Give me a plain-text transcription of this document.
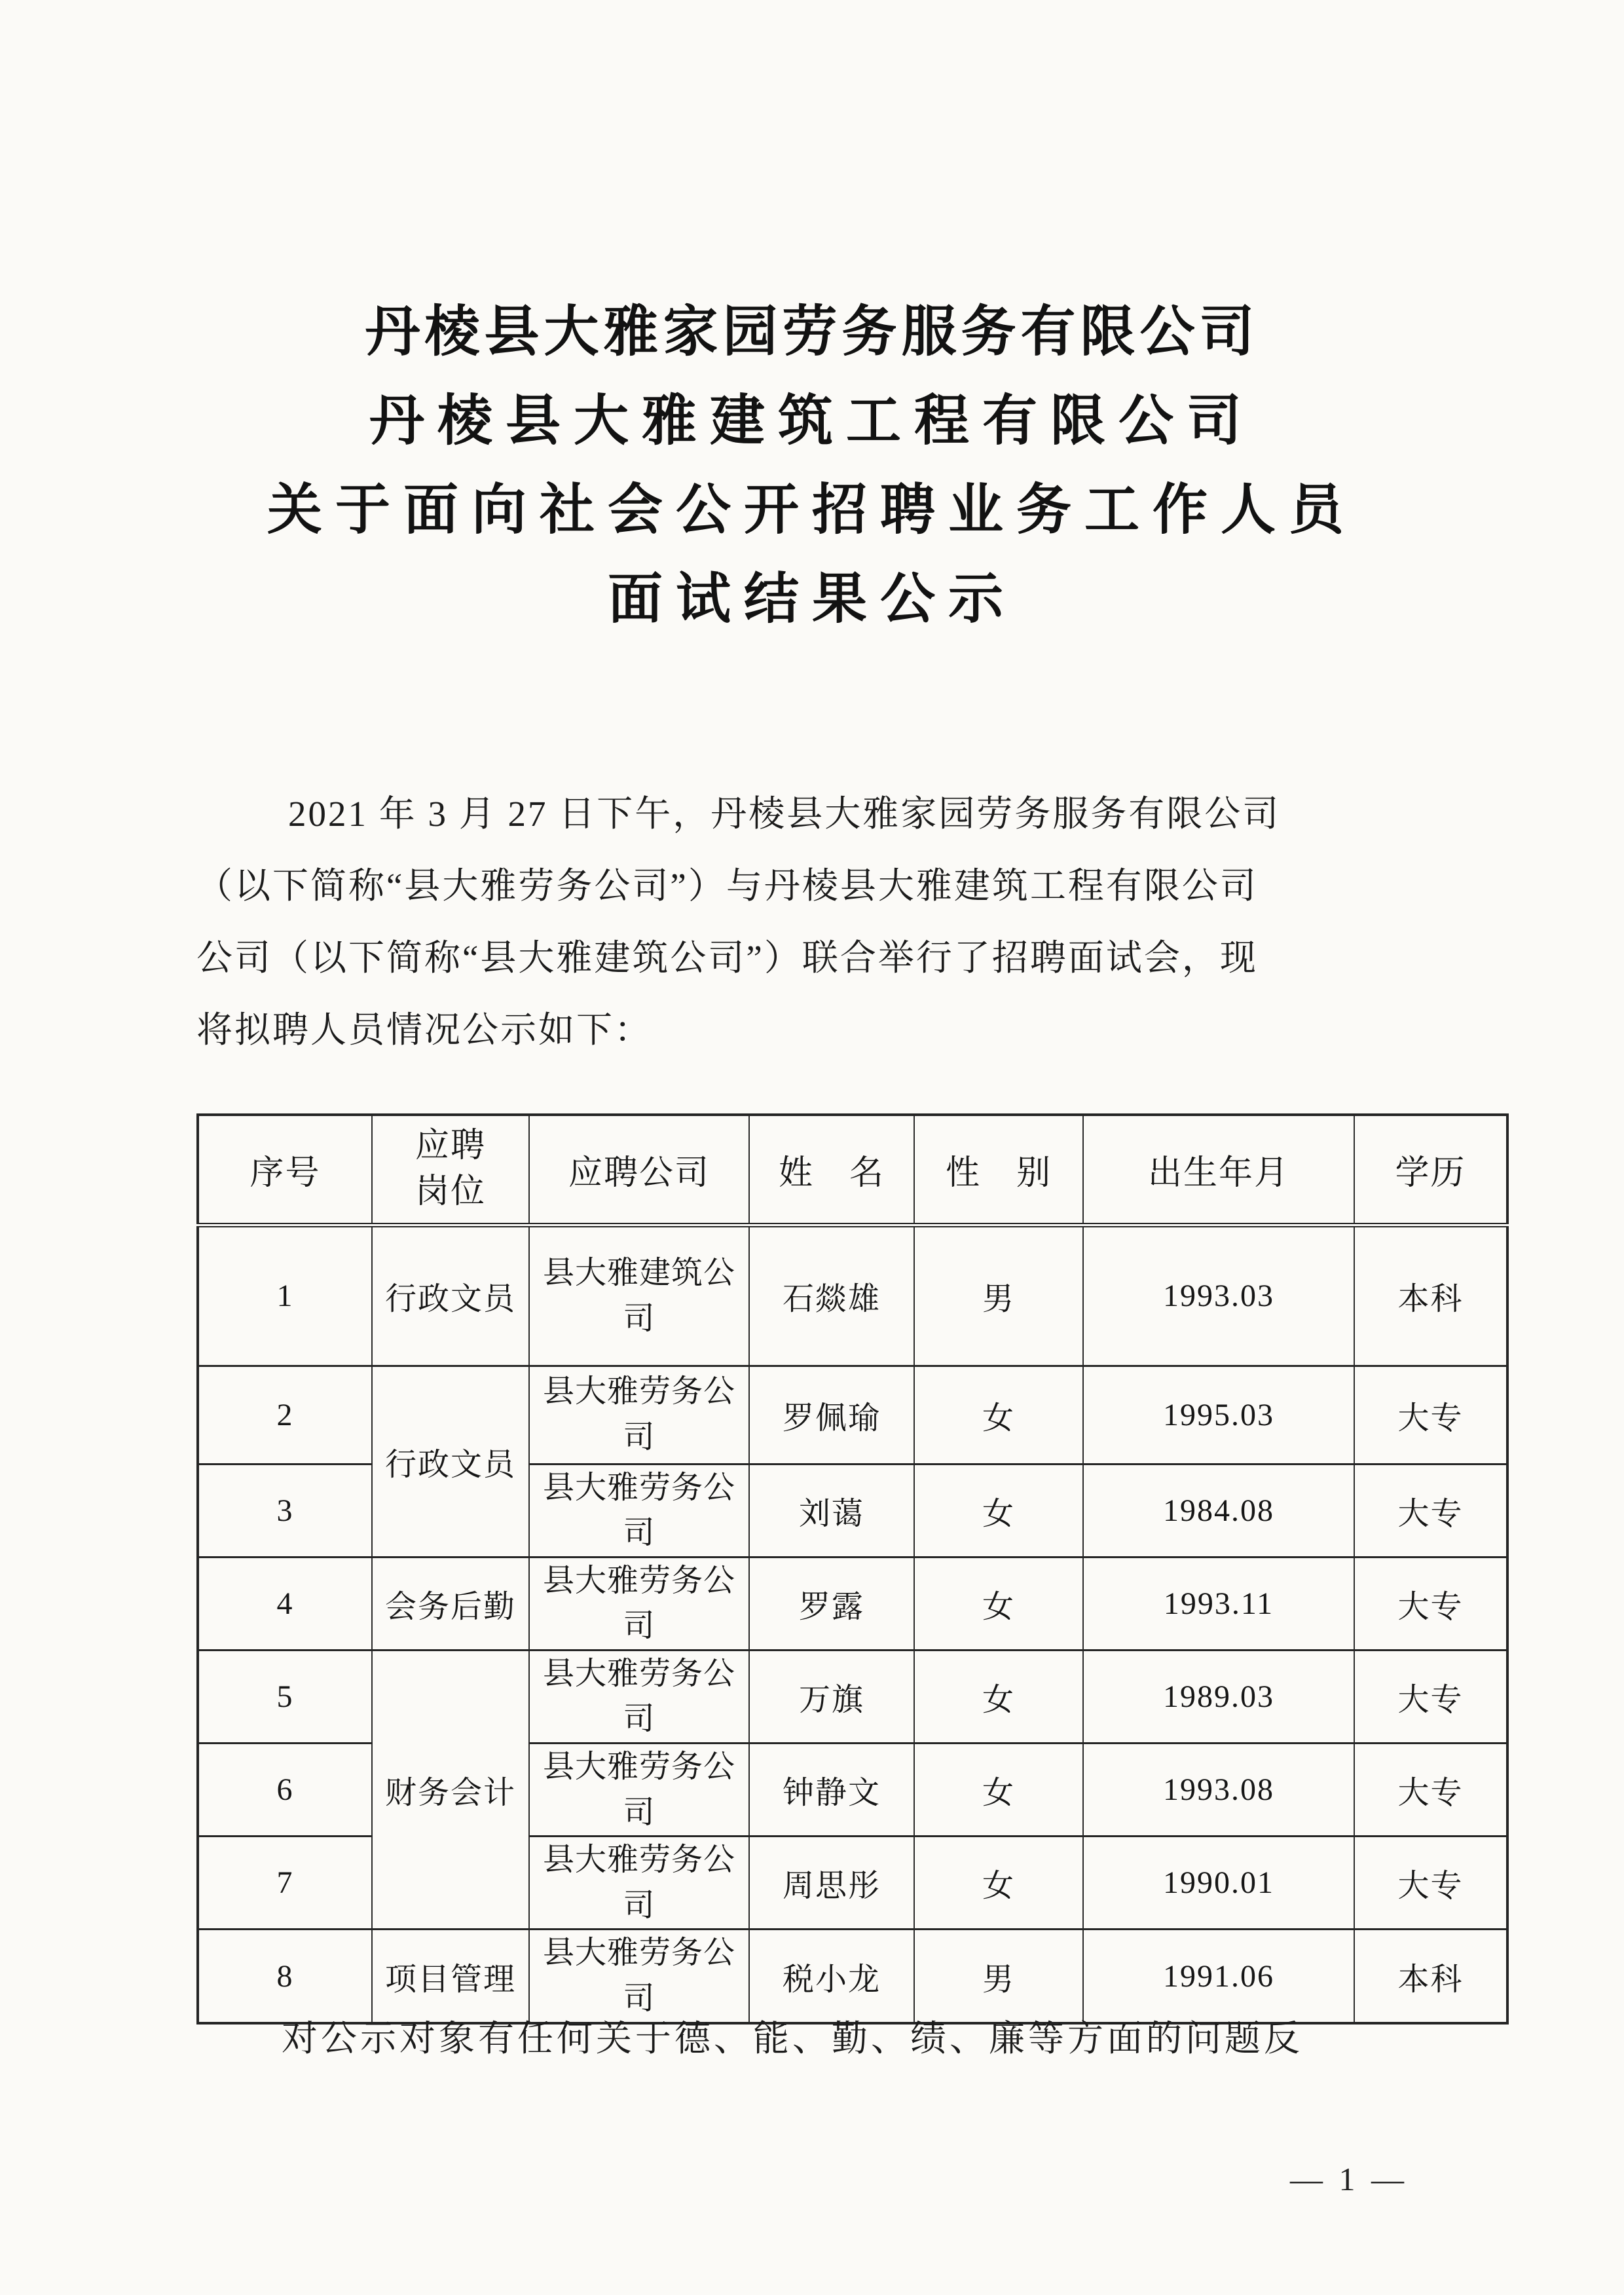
丹棱县大雅家园劳务服务有限公司
丹棱县大雅建筑工程有限公司
关于面向社会公开招聘业务工作人员
面试结果公示

2021 年 3 月 27 日下午，丹棱县大雅家园劳务服务有限公司

（以下简称“县大雅劳务公司”）与丹棱县大雅建筑工程有限公司

公司（以下简称“县大雅建筑公司”）联合举行了招聘面试会，现

将拟聘人员情况公示如下：

序号	应聘岗位	应聘公司	姓　名	性　别	出生年月	学历
1	行政文员	县大雅建筑公司	石燚雄	男	1993.03	本科
2	行政文员	县大雅劳务公司	罗佩瑜	女	1995.03	大专
3		县大雅劳务公司	刘蔼	女	1984.08	大专
4	会务后勤	县大雅劳务公司	罗露	女	1993.11	大专
5	财务会计	县大雅劳务公司	万旗	女	1989.03	大专
6		县大雅劳务公司	钟静文	女	1993.08	大专
7		县大雅劳务公司	周思彤	女	1990.01	大专
8	项目管理	县大雅劳务公司	税小龙	男	1991.06	本科

对公示对象有任何关于德、能、勤、绩、廉等方面的问题反

— 1 —
